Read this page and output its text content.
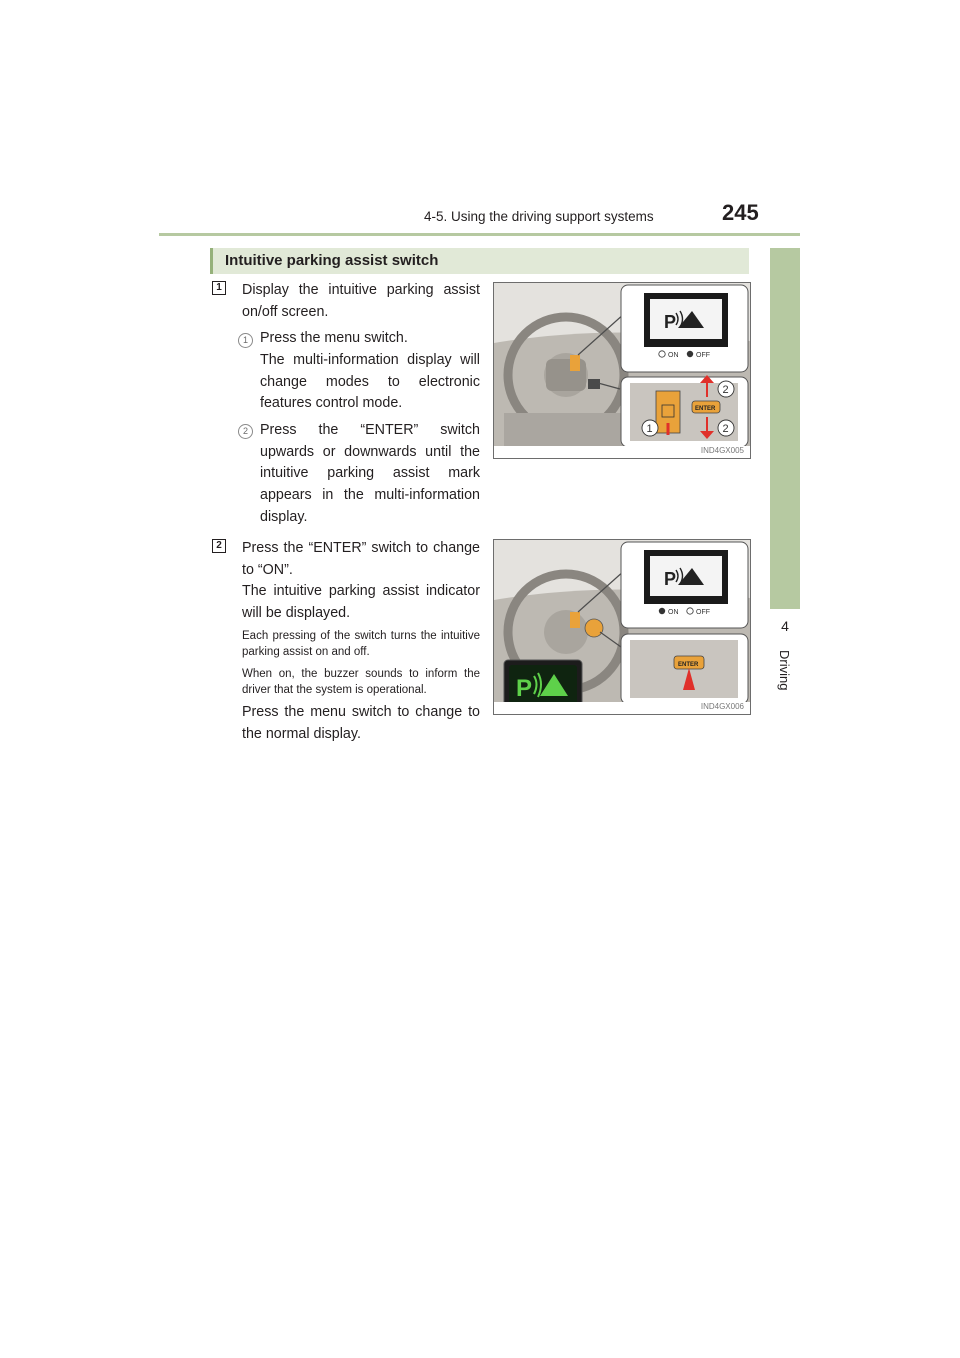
4-5. Using the driving support systems	245
4
Driving
Intuitive parking assist switch
1 Display the intuitive parking assist on/off screen.
1 Press the menu switch.
The multi-information display will change modes to electronic features control mode.
2 Press the “ENTER” switch upwards or downwards until the intuitive parking assist mark appears in the multi-information display.
P
ON	OFF
ENTER
2
2
1
IND4GX005
2 Press the “ENTER” switch to change to “ON”.
The intuitive parking assist indicator will be displayed.
Each pressing of the switch turns the intuitive parking assist on and off.
When on, the buzzer sounds to inform the driver that the system is operational.
Press the menu switch to change to the normal display.
P
ON	OFF
ENTER
P
IND4GX006
